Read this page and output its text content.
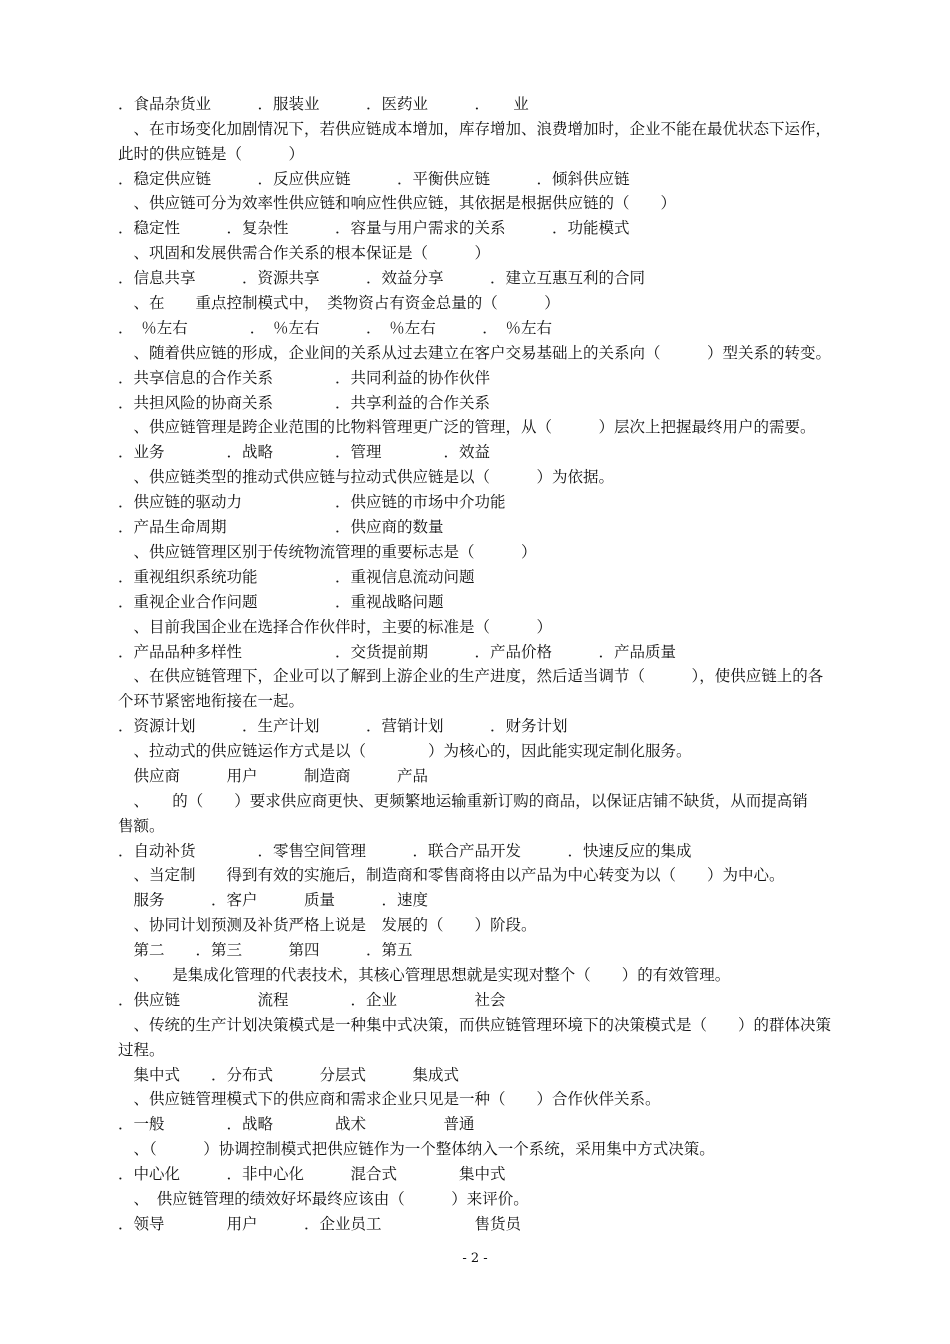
．食品杂货业　　　．服装业　　　．医药业　　　．　　业
　、在市场变化加剧情况下，若供应链成本增加，库存增加、浪费增加时，企业不能在最优状态下运作，
此时的供应链是（　　　）
．稳定供应链　　　．反应供应链　　　．平衡供应链　　　．倾斜供应链
　、供应链可分为效率性供应链和响应性供应链，其依据是根据供应链的（　　）
．稳定性　　　．复杂性　　　．容量与用户需求的关系　　　．功能模式
　、巩固和发展供需合作关系的根本保证是（　　　）
．信息共享　　　．资源共享　　　．效益分享　　　．建立互惠互利的合同
　、在　　重点控制模式中，　类物资占有资金总量的（　　　）
．　％左右　　　　．　％左右　　　．　％左右　　　．　％左右
　、随着供应链的形成，企业间的关系从过去建立在客户交易基础上的关系向（　　　）型关系的转变。
．共享信息的合作关系　　　　．共同利益的协作伙伴
．共担风险的协商关系　　　　．共享利益的合作关系
　、供应链管理是跨企业范围的比物料管理更广泛的管理，从（　　　）层次上把握最终用户的需要。
．业务　　　　．战略　　　　．管理　　　　．效益
　、供应链类型的推动式供应链与拉动式供应链是以（　　　）为依据。
．供应链的驱动力　　　　　　．供应链的市场中介功能
．产品生命周期　　　　　　　．供应商的数量
　、供应链管理区别于传统物流管理的重要标志是（　　　）
．重视组织系统功能　　　　　．重视信息流动问题
．重视企业合作问题　　　　　．重视战略问题
　、目前我国企业在选择合作伙伴时，主要的标准是（　　　）
．产品品种多样性　　　　　　．交货提前期　　　．产品价格　　　．产品质量
　、在供应链管理下，企业可以了解到上游企业的生产进度，然后适当调节（　　　），使供应链上的各
个环节紧密地衔接在一起。
．资源计划　　　．生产计划　　　．营销计划　　　．财务计划
　、拉动式的供应链运作方式是以（　　　　）为核心的，因此能实现定制化服务。
　供应商　　　用户　　　制造商　　　产品
　、　　的（　　）要求供应商更快、更频繁地运输重新订购的商品，以保证店铺不缺货，从而提高销
售额。
．自动补货　　　　．零售空间管理　　　．联合产品开发　　　．快速反应的集成
　、当定制　　得到有效的实施后，制造商和零售商将由以产品为中心转变为以（　　）为中心。
　服务　　　．客户　　　质量　　　．速度
　、协同计划预测及补货严格上说是　发展的（　　）阶段。
　第二　　．第三　　　第四　　　．第五
　、　　是集成化管理的代表技术，其核心管理思想就是实现对整个（　　）的有效管理。
．供应链　　　　　流程　　　　．企业　　　　　社会
　、传统的生产计划决策模式是一种集中式决策，而供应链管理环境下的决策模式是（　　）的群体决策
过程。
　集中式　　．分布式　　　分层式　　　集成式
　、供应链管理模式下的供应商和需求企业只见是一种（　　）合作伙伴关系。
．一般　　　　．战略　　　　战术　　　　　普通
　、（　　　）协调控制模式把供应链作为一个整体纳入一个系统，采用集中方式决策。
．中心化　　　．非中心化　　　混合式　　　　集中式
　、　供应链管理的绩效好坏最终应该由（　　　）来评价。
．领导　　　　用户　　　．企业员工　　　　　　售货员
- 2 -
